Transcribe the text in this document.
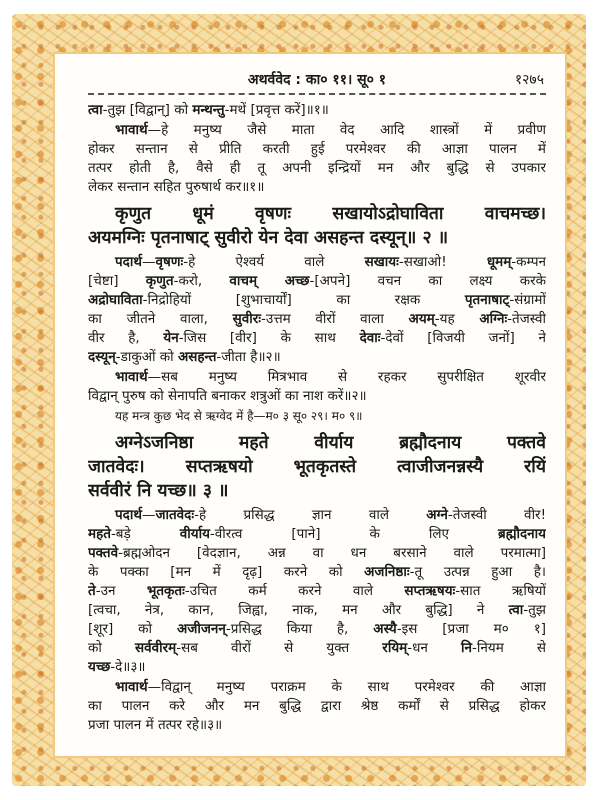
अथर्ववेद : का० ११। सू० १	१२७५
त्वा-तुझ [विद्वान्] को मन्थन्तु-मथें [प्रवृत्त करें]॥१॥
भावार्थ—हे मनुष्य जैसे माता वेद आदि शास्त्रों में प्रवीण
होकर सन्तान से प्रीति करती हुई परमेश्वर की आज्ञा पालन में
तत्पर होती है, वैसे ही तू अपनी इन्द्रियों मन और बुद्धि से उपकार
लेकर सन्तान सहित पुरुषार्थ कर॥१॥
कृणुत धूमं वृषणः सखायोऽद्रोघाविता वाचमच्छ।
अयमग्निः पृतनाषाट् सुवीरो येन देवा असहन्त दस्यून्॥ २ ॥
पदार्थ—वृषणः-हे ऐश्वर्य वाले सखायः-सखाओ! धूमम्-कम्पन
[चेष्टा] कृणुत-करो, वाचम् अच्छ-[अपने] वचन का लक्ष्य करके
अद्रोघाविता-निद्रोहियों [शुभाचार्यों] का रक्षक पृतनाषाट्-संग्रामों
का जीतने वाला, सुवीरः-उत्तम वीरों वाला अयम्-यह अग्निः-तेजस्वी
वीर है, येन-जिस [वीर] के साथ देवाः-देवों [विजयी जनों] ने
दस्यून्-डाकुओं को असहन्त-जीता है॥२॥
भावार्थ—सब मनुष्य मित्रभाव से रहकर सुपरीक्षित शूरवीर
विद्वान् पुरुष को सेनापति बनाकर शत्रुओं का नाश करें॥२॥
यह मन्त्र कुछ भेद से ऋग्वेद में है—म० ३ सू० २९। म० ९॥
अग्नेऽजनिष्ठा महते वीर्याय ब्रह्मौदनाय पक्तवे
जातवेदः। सप्तऋषयो भूतकृतस्ते त्वाजीजनन्नस्यै रयिं
सर्ववीरं नि यच्छ॥ ३ ॥
पदार्थ—जातवेदः-हे प्रसिद्ध ज्ञान वाले अग्ने-तेजस्वी वीर!
महते-बड़े वीर्याय-वीरत्व [पाने] के लिए ब्रह्मौदनाय
पक्तवे-ब्रह्मओदन [वेदज्ञान, अन्न वा धन बरसाने वाले परमात्मा]
के पक्का [मन में दृढ़] करने को अजनिष्ठाः-तू उत्पन्न हुआ है।
ते-उन भूतकृतः-उचित कर्म करने वाले सप्तऋषयः-सात ऋषियों
[त्वचा, नेत्र, कान, जिह्वा, नाक, मन और बुद्धि] ने त्वा-तुझ
[शूर] को अजीजनन्-प्रसिद्ध किया है, अस्यै-इस [प्रजा म० १]
को सर्ववीरम्-सब वीरों से युक्त रयिम्-धन नि-नियम से
यच्छ-दे॥३॥
भावार्थ—विद्वान् मनुष्य पराक्रम के साथ परमेश्वर की आज्ञा
का पालन करे और मन बुद्धि द्वारा श्रेष्ठ कर्मों से प्रसिद्ध होकर
प्रजा पालन में तत्पर रहे॥३॥
